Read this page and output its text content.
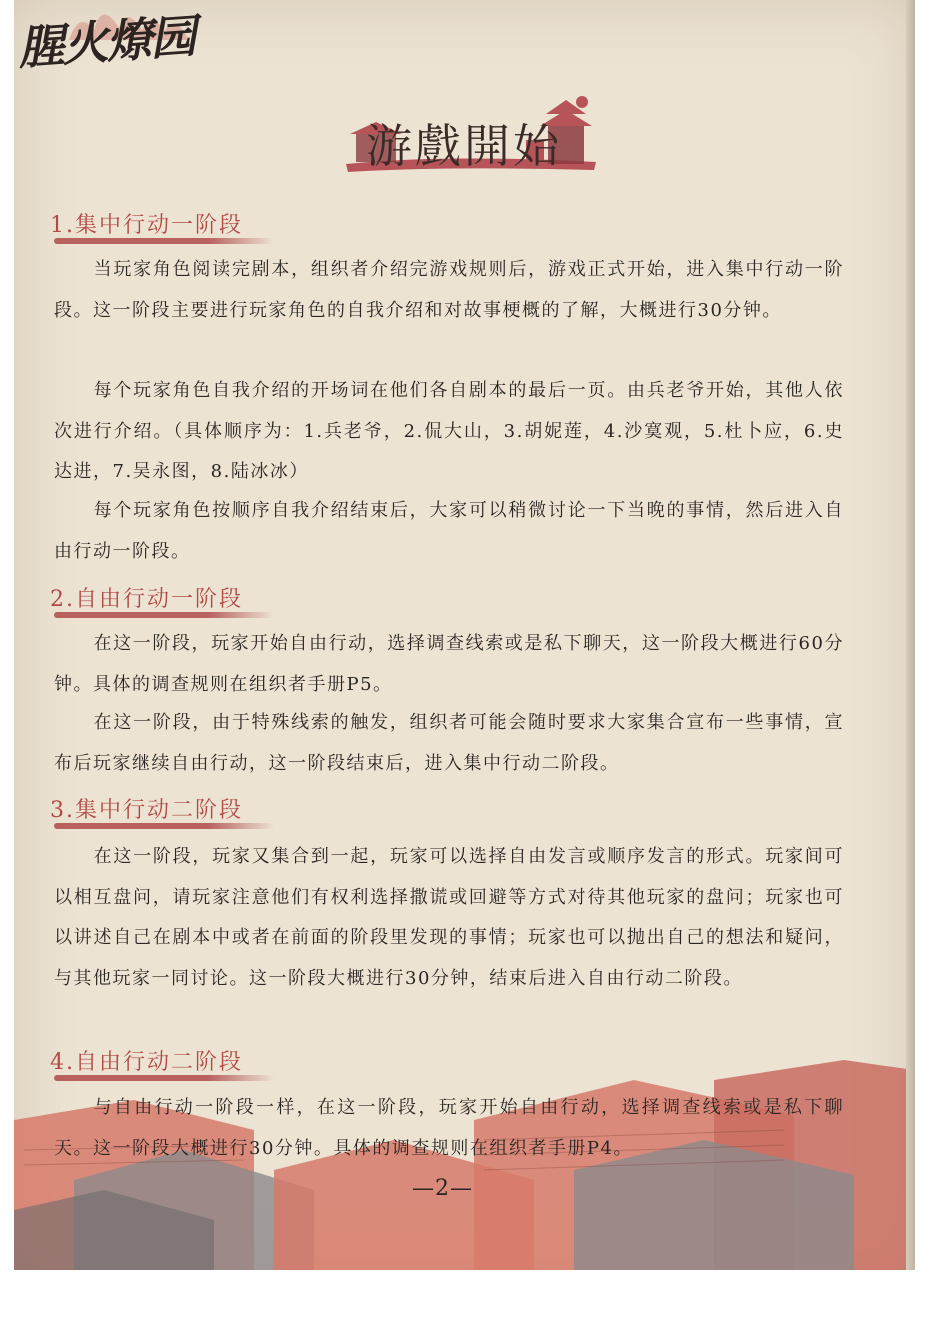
腥火燎园
游戲開始
1.集中行动一阶段

当玩家角色阅读完剧本，组织者介绍完游戏规则后，游戏正式开始，进入集中行动一阶段。这一阶段主要进行玩家角色的自我介绍和对故事梗概的了解，大概进行30分钟。

每个玩家角色自我介绍的开场词在他们各自剧本的最后一页。由兵老爷开始，其他人依次进行介绍。（具体顺序为：1.兵老爷，2.侃大山，3.胡妮莲，4.沙寞观，5.杜卜应，6.史达进，7.吴永图，8.陆冰冰）

每个玩家角色按顺序自我介绍结束后，大家可以稍微讨论一下当晚的事情，然后进入自由行动一阶段。

2.自由行动一阶段

在这一阶段，玩家开始自由行动，选择调查线索或是私下聊天，这一阶段大概进行60分钟。具体的调查规则在组织者手册P5。

在这一阶段，由于特殊线索的触发，组织者可能会随时要求大家集合宣布一些事情，宣布后玩家继续自由行动，这一阶段结束后，进入集中行动二阶段。

3.集中行动二阶段

在这一阶段，玩家又集合到一起，玩家可以选择自由发言或顺序发言的形式。玩家间可以相互盘问，请玩家注意他们有权利选择撒谎或回避等方式对待其他玩家的盘问；玩家也可以讲述自己在剧本中或者在前面的阶段里发现的事情；玩家也可以抛出自己的想法和疑问，与其他玩家一同讨论。这一阶段大概进行30分钟，结束后进入自由行动二阶段。

4.自由行动二阶段

与自由行动一阶段一样，在这一阶段，玩家开始自由行动，选择调查线索或是私下聊天。这一阶段大概进行30分钟。具体的调查规则在组织者手册P4。

—2—
